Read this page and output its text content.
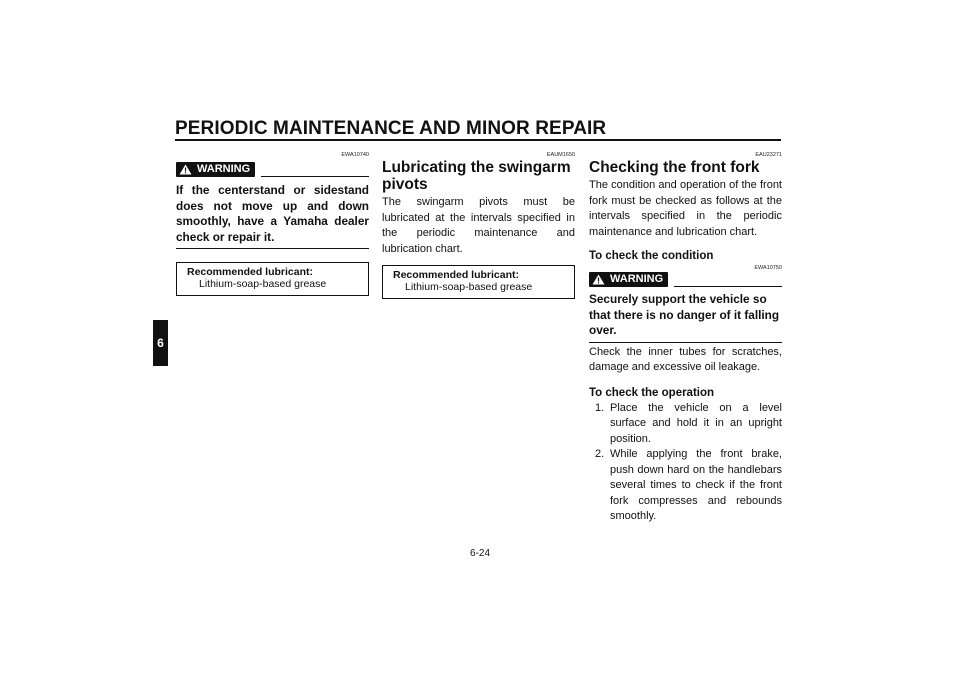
PERIODIC MAINTENANCE AND MINOR REPAIR
6
EWA10740
WARNING
If the centerstand or sidestand does not move up and down smoothly, have a Yamaha dealer check or repair it.
Recommended lubricant:
Lithium-soap-based grease
EAUM1650
Lubricating the swingarm pivots
The swingarm pivots must be lubricated at the intervals specified in the periodic maintenance and lubrication chart.
Recommended lubricant:
Lithium-soap-based grease
EAU23271
Checking the front fork
The condition and operation of the front fork must be checked as follows at the intervals specified in the periodic maintenance and lubrication chart.
To check the condition
EWA10750
WARNING
Securely support the vehicle so that there is no danger of it falling over.
Check the inner tubes for scratches, damage and excessive oil leakage.
To check the operation
1. Place the vehicle on a level surface and hold it in an upright position.
2. While applying the front brake, push down hard on the handlebars several times to check if the front fork compresses and rebounds smoothly.
6-24
